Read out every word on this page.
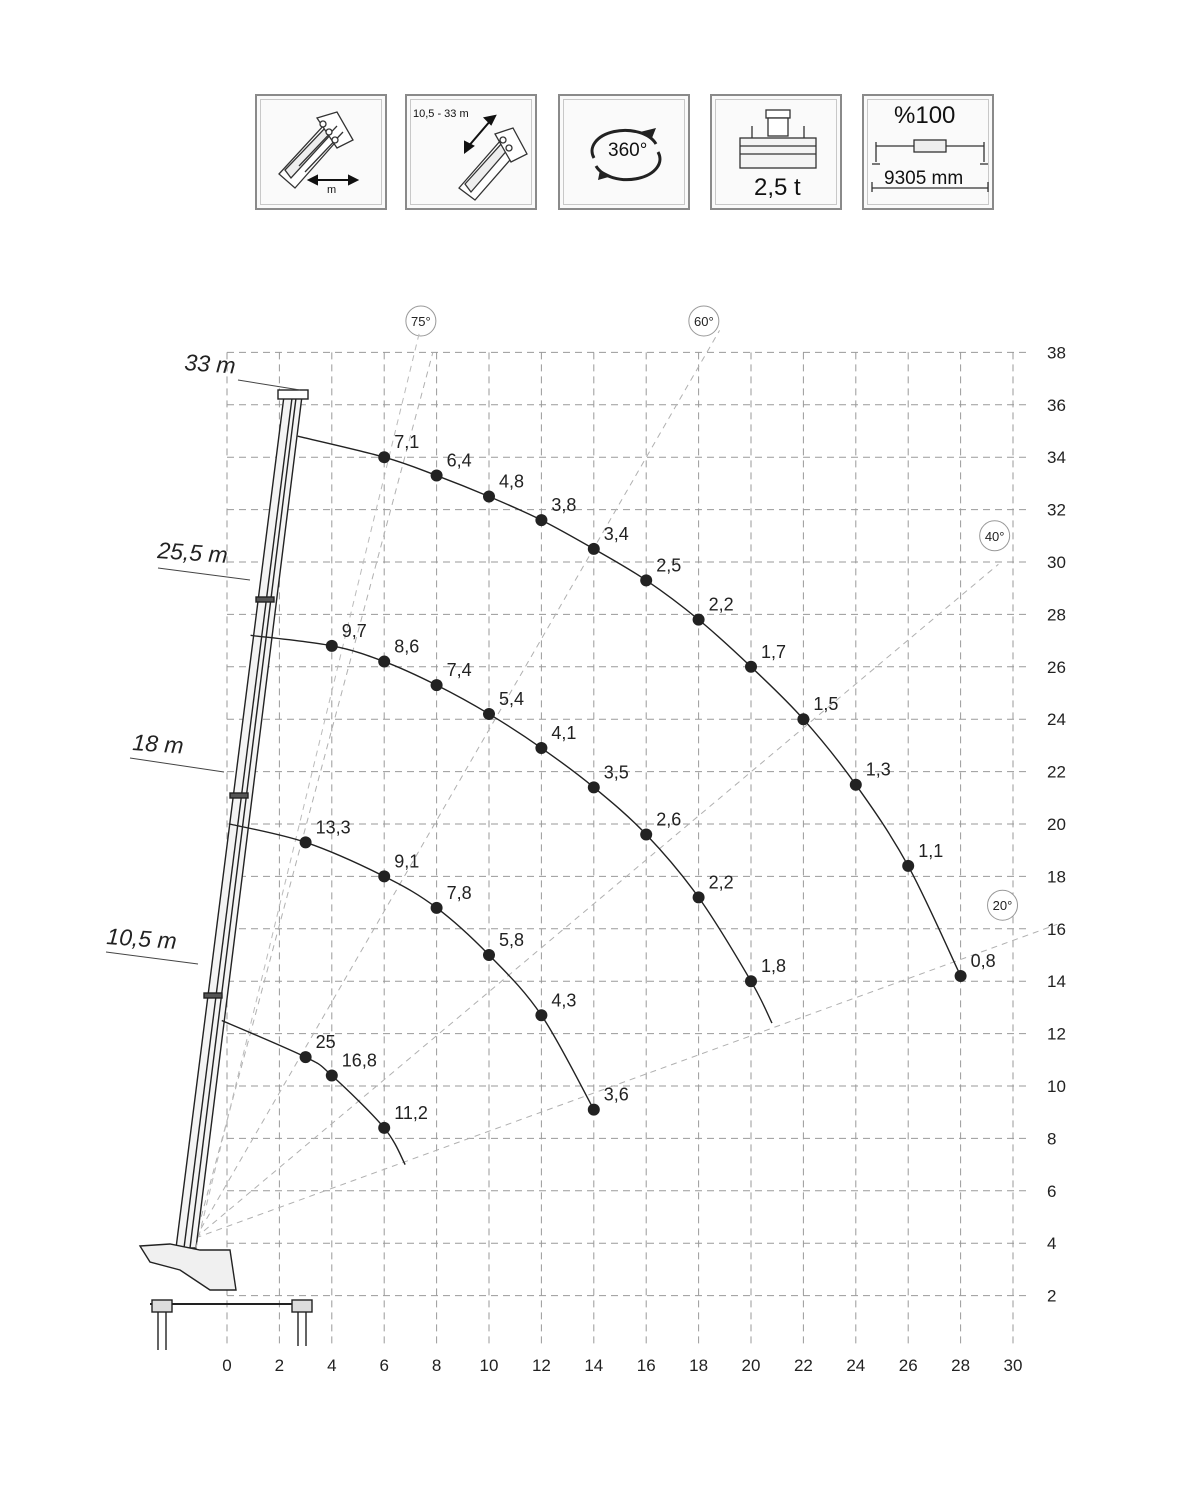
m
10,5 - 33 m
360°
2,5 t
%100
9305 mm
75°	60°
40°
20°
33 m
25,5 m
18 m
10,5 m
7,1
6,4
4,8
3,8
3,4
2,5
2,2
1,7
1,5
1,3
1,1
0,8
9,7
8,6
7,4
5,4
4,1
3,5
2,6
2,2
1,8
13,3
9,1
7,8
5,8
4,3
3,6
25
16,8
11,2
0	2	4	6	8 10 12 14 16 18 20 22 24 26 28 30
2
4
6
8
10
12
14
16
18
20
22
24
26
28
30
32
34
36
38
